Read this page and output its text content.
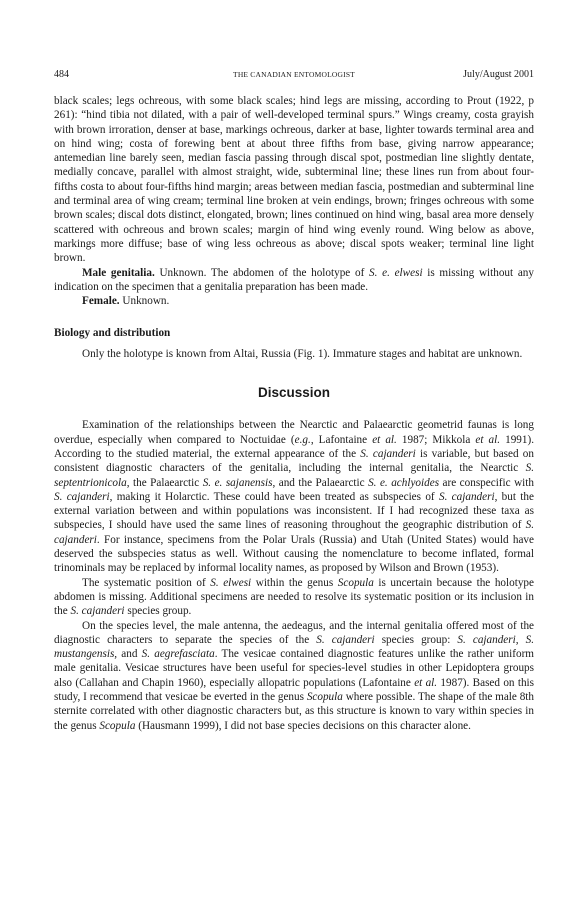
484	THE CANADIAN ENTOMOLOGIST	July/August 2001

black scales; legs ochreous, with some black scales; hind legs are missing, according to Prout (1922, p 261): “hind tibia not dilated, with a pair of well-developed terminal spurs.” Wings creamy, costa grayish with brown irroration, denser at base, markings ochreous, darker at base, lighter towards terminal area and on hind wing; costa of forewing bent at about three fifths from base, giving narrow appearance; antemedian line barely seen, median fascia passing through discal spot, postmedian line slightly dentate, medially concave, parallel with almost straight, wide, subterminal line; these lines run from about four-fifths costa to about four-fifths hind margin; areas between median fascia, postmedian and subterminal line and terminal area of wing cream; terminal line broken at vein endings, brown; fringes ochreous with some brown scales; discal dots distinct, elongated, brown; lines continued on hind wing, basal area more densely scattered with ochreous and brown scales; margin of hind wing evenly round. Wing below as above, markings more diffuse; base of wing less ochreous as above; discal spots weaker; terminal line light brown.

Male genitalia. Unknown. The abdomen of the holotype of S. e. elwesi is missing without any indication on the specimen that a genitalia preparation has been made.

Female. Unknown.

Biology and distribution

Only the holotype is known from Altai, Russia (Fig. 1). Immature stages and habitat are unknown.

Discussion

Examination of the relationships between the Nearctic and Palaearctic geometrid faunas is long overdue, especially when compared to Noctuidae (e.g., Lafontaine et al. 1987; Mikkola et al. 1991). According to the studied material, the external appearance of the S. cajanderi is variable, but based on consistent diagnostic characters of the genitalia, including the internal genitalia, the Nearctic S. septentrionicola, the Palaearctic S. e. sajanensis, and the Palaearctic S. e. achlyoides are conspecific with S. cajanderi, making it Holarctic. These could have been treated as subspecies of S. cajanderi, but the external variation between and within populations was inconsistent. If I had recognized these taxa as subspecies, I should have used the same lines of reasoning throughout the geographic distribution of S. cajanderi. For instance, specimens from the Polar Urals (Russia) and Utah (United States) would have deserved the subspecies status as well. Without causing the nomenclature to become inflated, formal trinominals may be replaced by informal locality names, as proposed by Wilson and Brown (1953).

The systematic position of S. elwesi within the genus Scopula is uncertain because the holotype abdomen is missing. Additional specimens are needed to resolve its systematic position or its inclusion in the S. cajanderi species group.

On the species level, the male antenna, the aedeagus, and the internal genitalia offered most of the diagnostic characters to separate the species of the S. cajanderi species group: S. cajanderi, S. mustangensis, and S. aegrefasciata. The vesicae contained diagnostic features unlike the rather uniform male genitalia. Vesicae structures have been useful for species-level studies in other Lepidoptera groups also (Callahan and Chapin 1960), especially allopatric populations (Lafontaine et al. 1987). Based on this study, I recommend that vesicae be everted in the genus Scopula where possible. The shape of the male 8th sternite correlated with other diagnostic characters but, as this structure is known to vary within species in the genus Scopula (Hausmann 1999), I did not base species decisions on this character alone.
